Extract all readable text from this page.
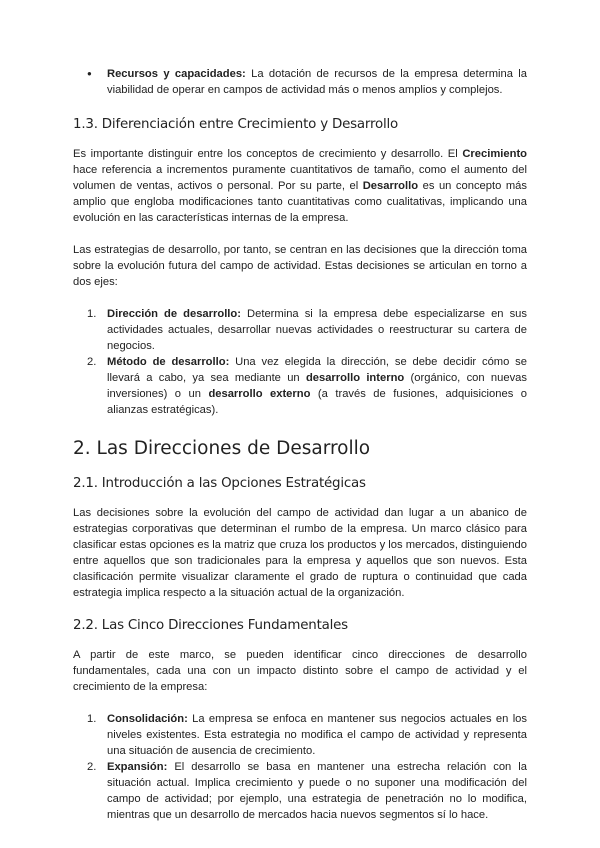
● Recursos y capacidades: La dotación de recursos de la empresa determina la viabilidad de operar en campos de actividad más o menos amplios y complejos.
1.3. Diferenciación entre Crecimiento y Desarrollo

Es importante distinguir entre los conceptos de crecimiento y desarrollo. El Crecimiento hace referencia a incrementos puramente cuantitativos de tamaño, como el aumento del volumen de ventas, activos o personal. Por su parte, el Desarrollo es un concepto más amplio que engloba modificaciones tanto cuantitativas como cualitativas, implicando una evolución en las características internas de la empresa.

Las estrategias de desarrollo, por tanto, se centran en las decisiones que la dirección toma sobre la evolución futura del campo de actividad. Estas decisiones se articulan en torno a dos ejes:

1. Dirección de desarrollo: Determina si la empresa debe especializarse en sus actividades actuales, desarrollar nuevas actividades o reestructurar su cartera de negocios.
2. Método de desarrollo: Una vez elegida la dirección, se debe decidir cómo se llevará a cabo, ya sea mediante un desarrollo interno (orgánico, con nuevas inversiones) o un desarrollo externo (a través de fusiones, adquisiciones o alianzas estratégicas).
2. Las Direcciones de Desarrollo
2.1. Introducción a las Opciones Estratégicas

Las decisiones sobre la evolución del campo de actividad dan lugar a un abanico de estrategias corporativas que determinan el rumbo de la empresa. Un marco clásico para clasificar estas opciones es la matriz que cruza los productos y los mercados, distinguiendo entre aquellos que son tradicionales para la empresa y aquellos que son nuevos. Esta clasificación permite visualizar claramente el grado de ruptura o continuidad que cada estrategia implica respecto a la situación actual de la organización.

2.2. Las Cinco Direcciones Fundamentales

A partir de este marco, se pueden identificar cinco direcciones de desarrollo fundamentales, cada una con un impacto distinto sobre el campo de actividad y el crecimiento de la empresa:

1. Consolidación: La empresa se enfoca en mantener sus negocios actuales en los niveles existentes. Esta estrategia no modifica el campo de actividad y representa una situación de ausencia de crecimiento.
2. Expansión: El desarrollo se basa en mantener una estrecha relación con la situación actual. Implica crecimiento y puede o no suponer una modificación del campo de actividad; por ejemplo, una estrategia de penetración no lo modifica, mientras que un desarrollo de mercados hacia nuevos segmentos sí lo hace.
